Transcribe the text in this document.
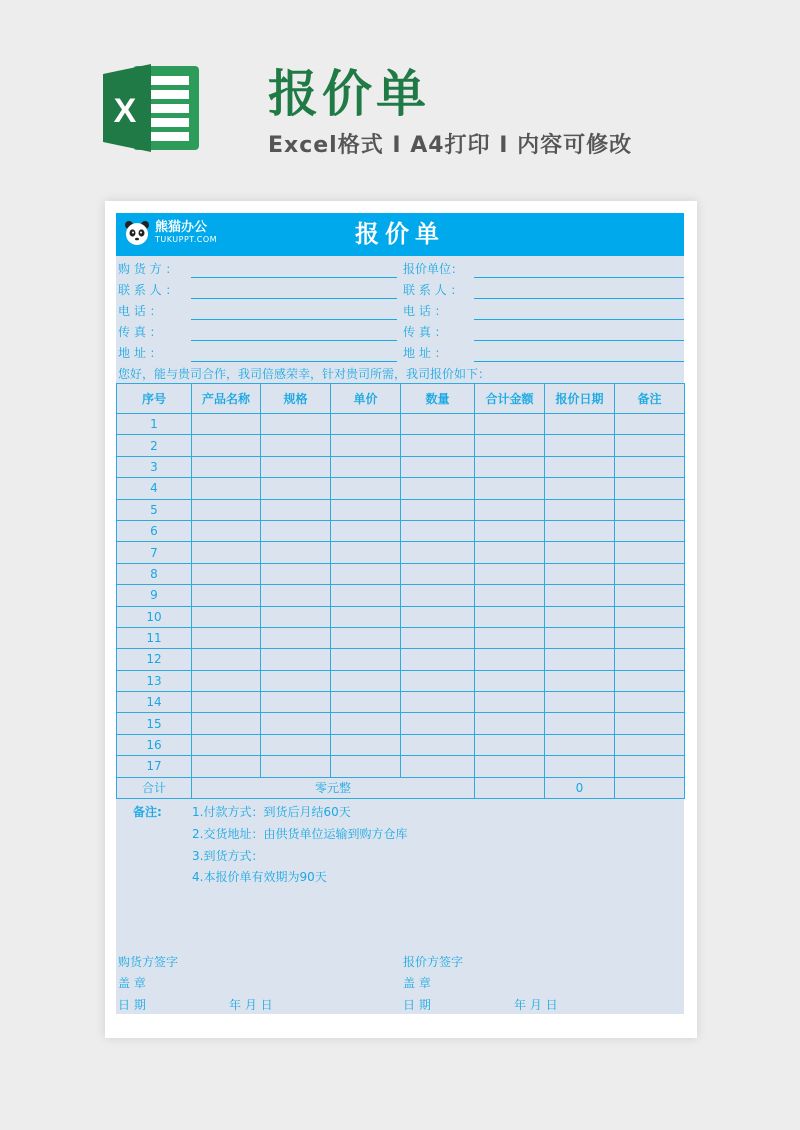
X	报价单
Excel格式 I A4打印 I 内容可修改
熊猫办公
TUKUPPT.COM	报价单
购 货 方 ：	报价单位：
联 系 人 ：	联 系 人 ：
电 话 ：	电 话 ：
传 真 ：	传 真 ：
地 址 ：	地 址 ：
您好，能与贵司合作，我司倍感荣幸，针对贵司所需，我司报价如下：
序号	产品名称	规格	单价	数量	合计金额	报价日期	备注
1							
2							
3							
4							
5							
6							
7							
8							
9							
10							
11							
12							
13							
14							
15							
16							
17							
合计	零元整					0	
备注:	1.付款方式：到货后月结60天
2.交货地址：由供货单位运输到购方仓库
3.到货方式：
4.本报价单有效期为90天
购货方签字	报价方签字
盖 章	盖 章
日 期	年 月 日	日 期	年 月 日
